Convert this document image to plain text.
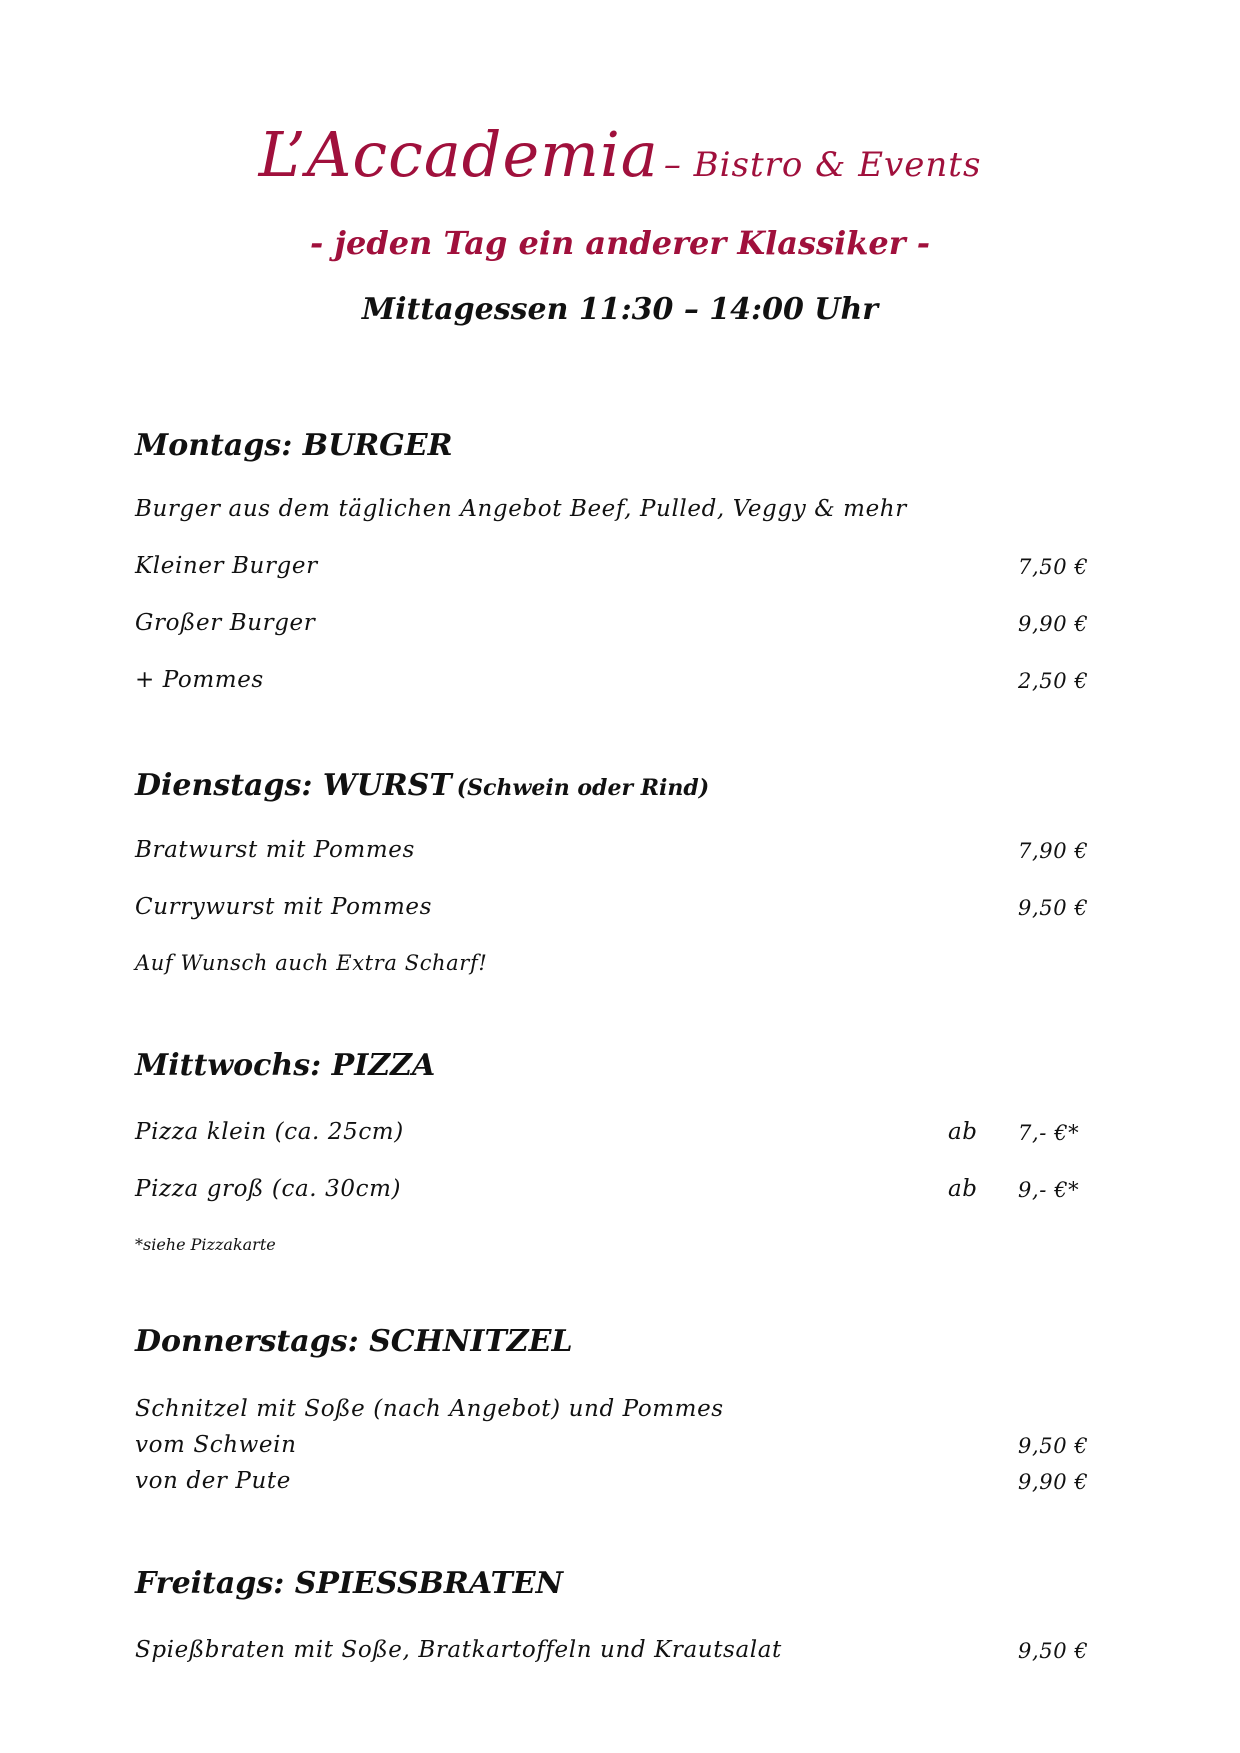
L’Accademia – Bistro & Events
- jeden Tag ein anderer Klassiker -
Mittagessen 11:30 – 14:00 Uhr
Montags: BURGER
Burger aus dem täglichen Angebot Beef, Pulled, Veggy & mehr
Kleiner Burger	7,50 €
Großer Burger	9,90 €
+ Pommes	2,50 €
Dienstags: WURST (Schwein oder Rind)
Bratwurst mit Pommes	7,90 €
Currywurst mit Pommes	9,50 €
Auf Wunsch auch Extra Scharf!
Mittwochs: PIZZA
Pizza klein (ca. 25cm)	ab 7,- €*
Pizza groß (ca. 30cm)	ab 9,- €*
*siehe Pizzakarte
Donnerstags: SCHNITZEL
Schnitzel mit Soße (nach Angebot) und Pommes
vom Schwein	9,50 €
von der Pute	9,90 €
Freitags: SPIESSBRATEN
Spießbraten mit Soße, Bratkartoffeln und Krautsalat	9,50 €
